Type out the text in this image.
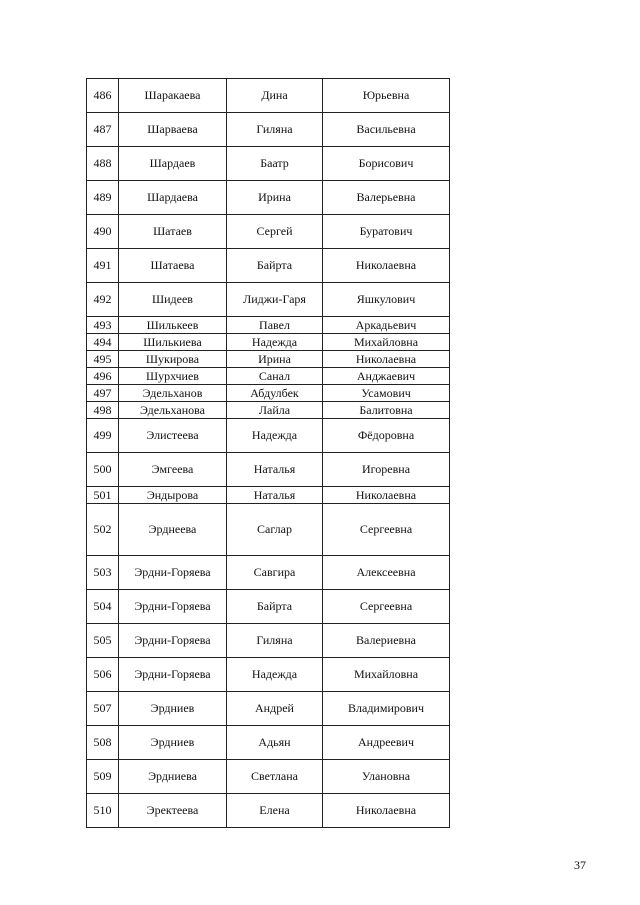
486	Шаракаева	Дина	Юрьевна
487	Шарваева	Гиляна	Васильевна
488	Шардаев	Баатр	Борисович
489	Шардаева	Ирина	Валерьевна
490	Шатаев	Сергей	Буратович
491	Шатаева	Байрта	Николаевна
492	Шидеев	Лиджи-Гаря	Яшкулович
493	Шилькеев	Павел	Аркадьевич
494	Шилькиева	Надежда	Михайловна
495	Шукирова	Ирина	Николаевна
496	Шурхчиев	Санал	Анджаевич
497	Эдельханов	Абдулбек	Усамович
498	Эдельханова	Лайла	Балитовна
499	Элистеева	Надежда	Фёдоровна
500	Эмгеева	Наталья	Игоревна
501	Эндырова	Наталья	Николаевна
502	Эрднеева	Саглар	Сергеевна
503	Эрдни-Горяева	Савгира	Алексеевна
504	Эрдни-Горяева	Байрта	Сергеевна
505	Эрдни-Горяева	Гиляна	Валериевна
506	Эрдни-Горяева	Надежда	Михайловна
507	Эрдниев	Андрей	Владимирович
508	Эрдниев	Адьян	Андреевич
509	Эрдниева	Светлана	Улановна
510	Эректеева	Елена	Николаевна
37
